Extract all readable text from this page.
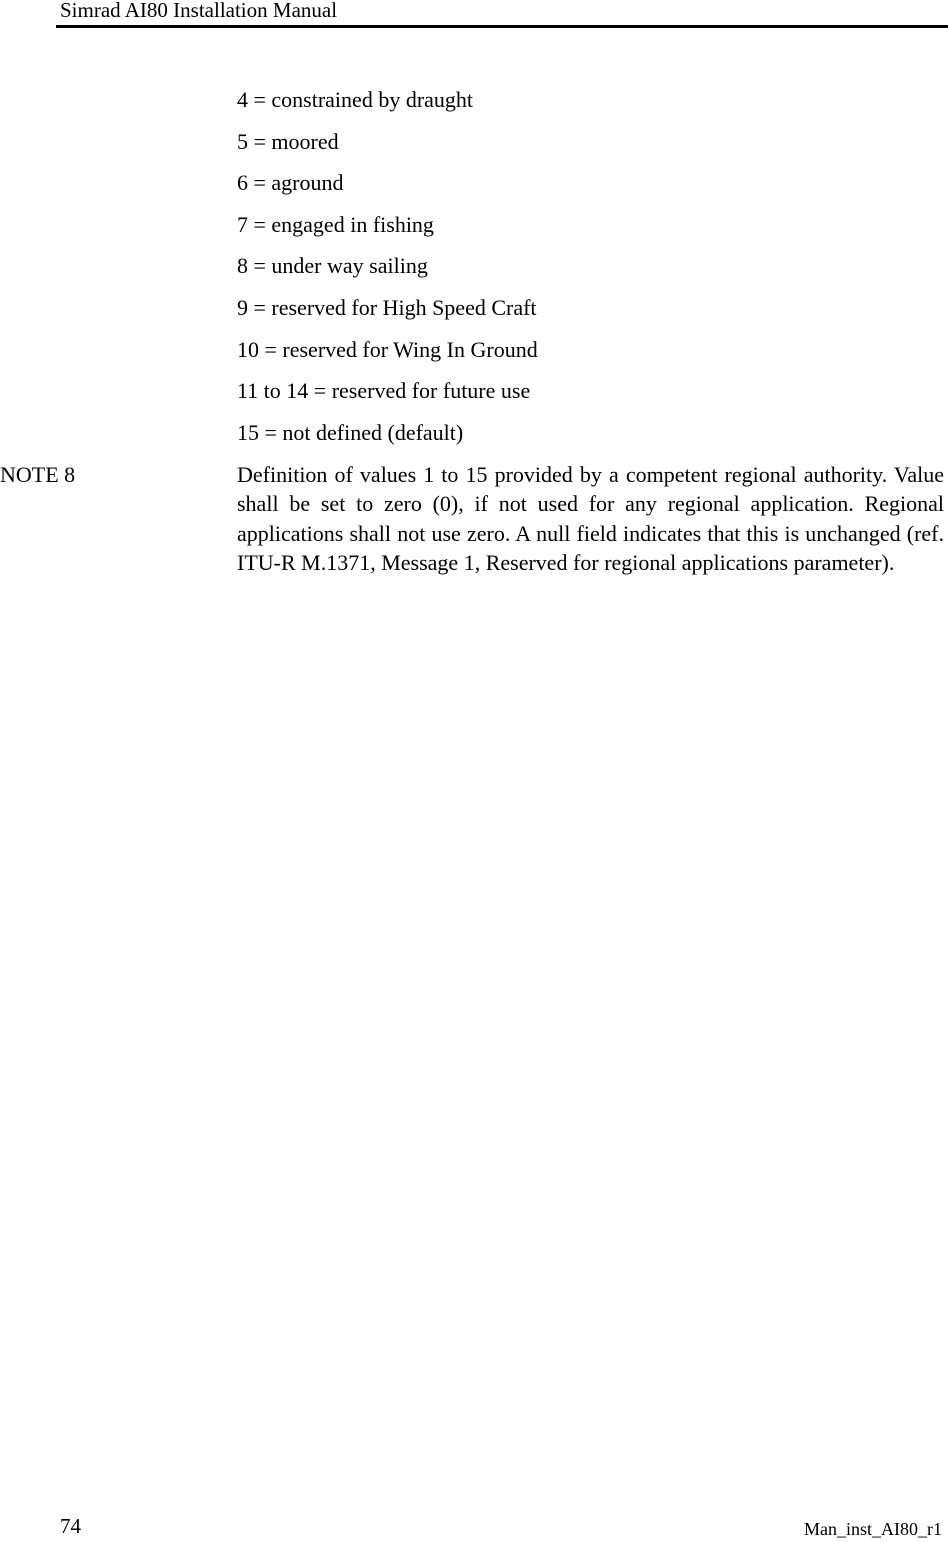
Simrad AI80 Installation Manual
4 = constrained by draught
5 = moored
6 = aground
7 = engaged in fishing
8 = under way sailing
9 = reserved for High Speed Craft
10 = reserved for Wing In Ground
11 to 14 = reserved for future use
15 = not defined (default)
NOTE 8	Definition of values 1 to 15 provided by a competent regional authority. Value shall be set to zero (0), if not used for any regional application. Regional applications shall not use zero. A null field indicates that this is unchanged (ref. ITU-R M.1371, Message 1, Reserved for regional applications parameter).

74	Man_inst_AI80_r1
